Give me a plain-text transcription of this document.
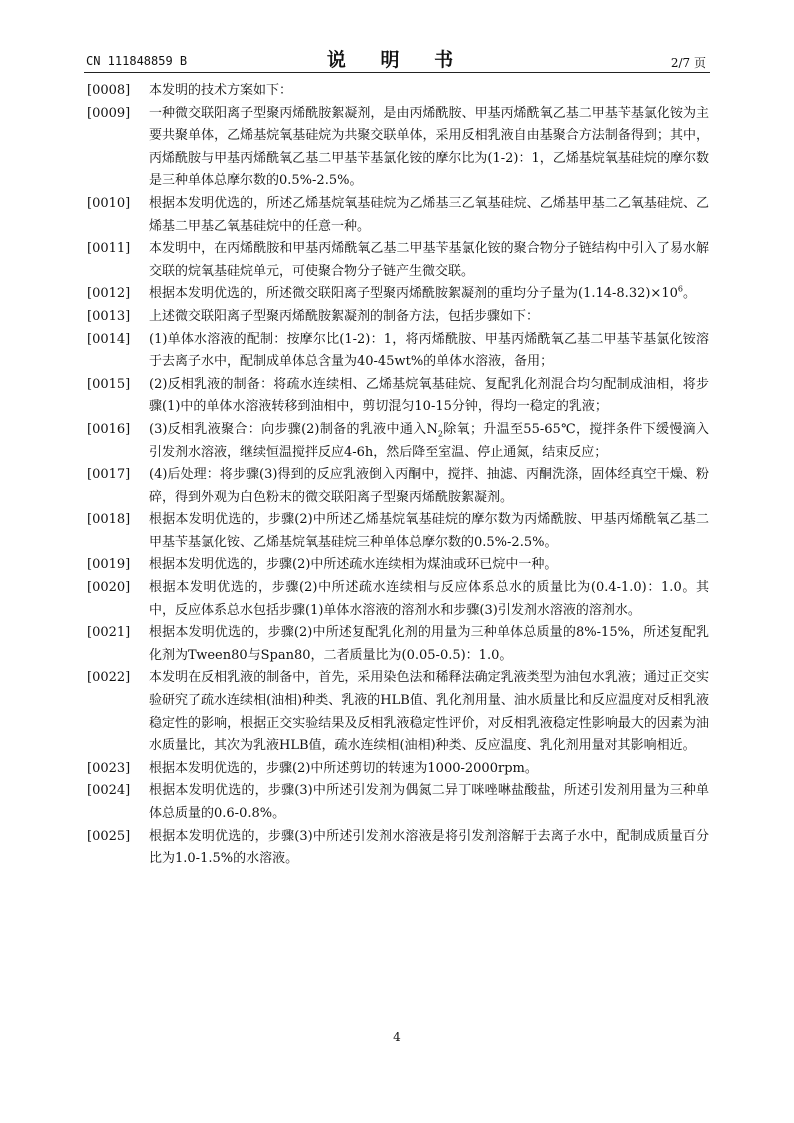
CN 111848859 B	说 明 书	2/7 页
[0008]	本发明的技术方案如下：
[0009]	一种微交联阳离子型聚丙烯酰胺絮凝剂，是由丙烯酰胺、甲基丙烯酰氧乙基二甲基苄基氯化铵为主要共聚单体，乙烯基烷氧基硅烷为共聚交联单体，采用反相乳液自由基聚合方法制备得到；其中，丙烯酰胺与甲基丙烯酰氧乙基二甲基苄基氯化铵的摩尔比为(1-2)：1，乙烯基烷氧基硅烷的摩尔数是三种单体总摩尔数的0.5%-2.5%。
[0010]	根据本发明优选的，所述乙烯基烷氧基硅烷为乙烯基三乙氧基硅烷、乙烯基甲基二乙氧基硅烷、乙烯基二甲基乙氧基硅烷中的任意一种。
[0011]	本发明中，在丙烯酰胺和甲基丙烯酰氧乙基二甲基苄基氯化铵的聚合物分子链结构中引入了易水解交联的烷氧基硅烷单元，可使聚合物分子链产生微交联。
[0012]	根据本发明优选的，所述微交联阳离子型聚丙烯酰胺絮凝剂的重均分子量为$(1.14-8.32)\times 10^6$。
[0013]	上述微交联阳离子型聚丙烯酰胺絮凝剂的制备方法，包括步骤如下：
[0014]	(1)单体水溶液的配制：按摩尔比(1-2)：1，将丙烯酰胺、甲基丙烯酰氧乙基二甲基苄基氯化铵溶于去离子水中，配制成单体总含量为40-45wt%的单体水溶液，备用；
[0015]	(2)反相乳液的制备：将疏水连续相、乙烯基烷氧基硅烷、复配乳化剂混合均匀配制成油相，将步骤(1)中的单体水溶液转移到油相中，剪切混匀10-15分钟，得均一稳定的乳液；
[0016]	(3)反相乳液聚合：向步骤(2)制备的乳液中通入$N_2$除氧；升温至55-65℃，搅拌条件下缓慢滴入引发剂水溶液，继续恒温搅拌反应4-6h，然后降至室温、停止通氮，结束反应；
[0017]	(4)后处理：将步骤(3)得到的反应乳液倒入丙酮中，搅拌、抽滤、丙酮洗涤，固体经真空干燥、粉碎，得到外观为白色粉末的微交联阳离子型聚丙烯酰胺絮凝剂。
[0018]	根据本发明优选的，步骤(2)中所述乙烯基烷氧基硅烷的摩尔数为丙烯酰胺、甲基丙烯酰氧乙基二甲基苄基氯化铵、乙烯基烷氧基硅烷三种单体总摩尔数的0.5%-2.5%。
[0019]	根据本发明优选的，步骤(2)中所述疏水连续相为煤油或环已烷中一种。
[0020]	根据本发明优选的，步骤(2)中所述疏水连续相与反应体系总水的质量比为(0.4-1.0)：1.0。其中，反应体系总水包括步骤(1)单体水溶液的溶剂水和步骤(3)引发剂水溶液的溶剂水。
[0021]	根据本发明优选的，步骤(2)中所述复配乳化剂的用量为三种单体总质量的8%-15%，所述复配乳化剂为Tween80与Span80，二者质量比为(0.05-0.5)：1.0。
[0022]	本发明在反相乳液的制备中，首先，采用染色法和稀释法确定乳液类型为油包水乳液；通过正交实验研究了疏水连续相(油相)种类、乳液的HLB值、乳化剂用量、油水质量比和反应温度对反相乳液稳定性的影响，根据正交实验结果及反相乳液稳定性评价，对反相乳液稳定性影响最大的因素为油水质量比，其次为乳液HLB值，疏水连续相(油相)种类、反应温度、乳化剂用量对其影响相近。
[0023]	根据本发明优选的，步骤(2)中所述剪切的转速为1000-2000rpm。
[0024]	根据本发明优选的，步骤(3)中所述引发剂为偶氮二异丁咪唑啉盐酸盐，所述引发剂用量为三种单体总质量的0.6-0.8%。
[0025]	根据本发明优选的，步骤(3)中所述引发剂水溶液是将引发剂溶解于去离子水中，配制成质量百分比为1.0-1.5%的水溶液。
4
